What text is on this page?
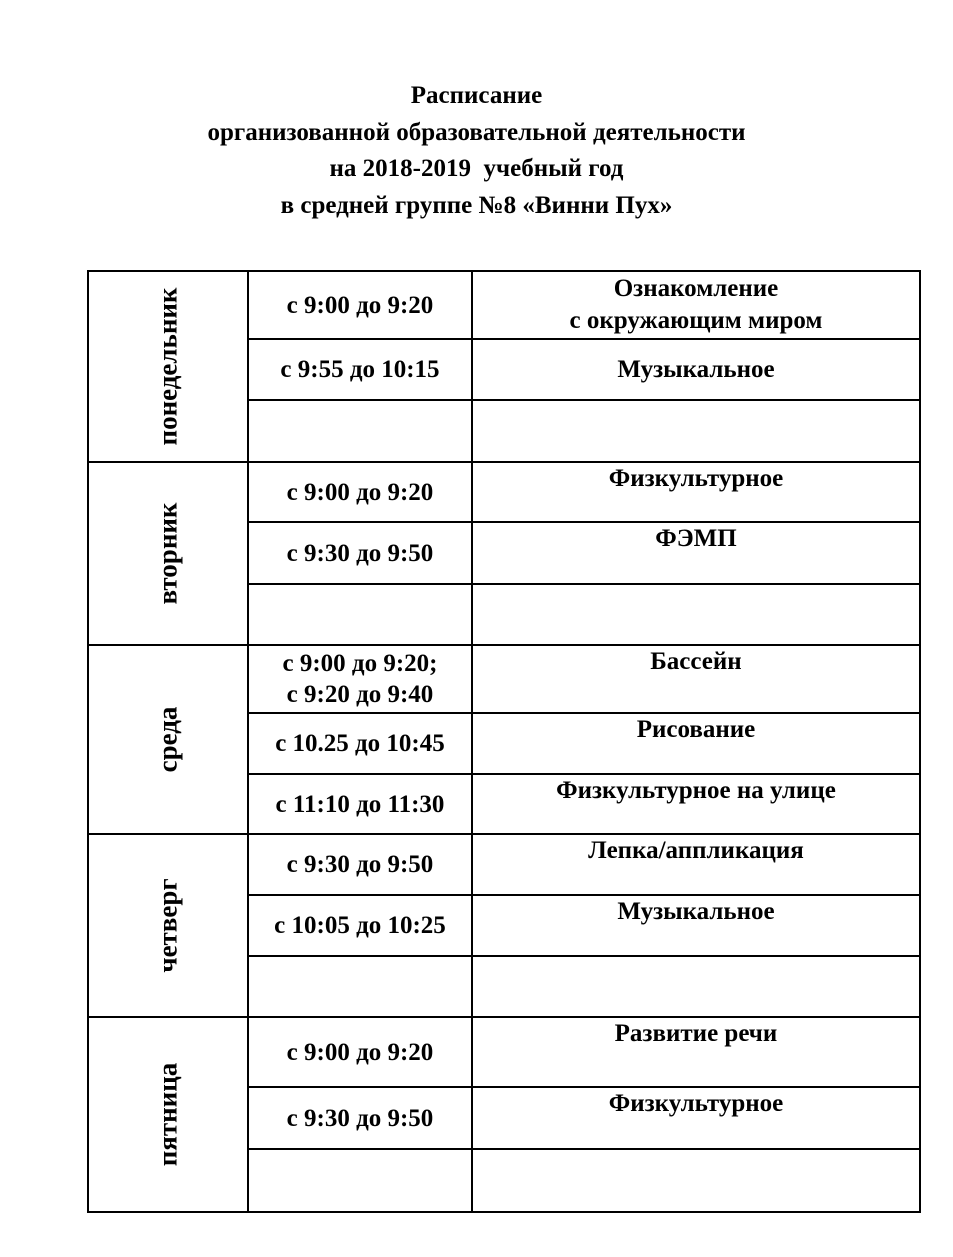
Расписание
организованной образовательной деятельности
на 2018-2019  учебный год
в средней группе №8 «Винни Пух»
понедельник	с 9:00 до 9:20	Ознакомление
с окружающим миром
	с 9:55 до 10:15	Музыкальное

вторник	с 9:00 до 9:20	Физкультурное
	с 9:30 до 9:50	ФЭМП

среда	с 9:00 до 9:20;
с 9:20 до 9:40	Бассейн
	с 10.25 до 10:45	Рисование
	с 11:10 до 11:30	Физкультурное на улице
четверг	с 9:30 до 9:50	Лепка/аппликация
	с 10:05 до 10:25	Музыкальное

пятница	с 9:00 до 9:20	Развитие речи
	с 9:30 до 9:50	Физкультурное
